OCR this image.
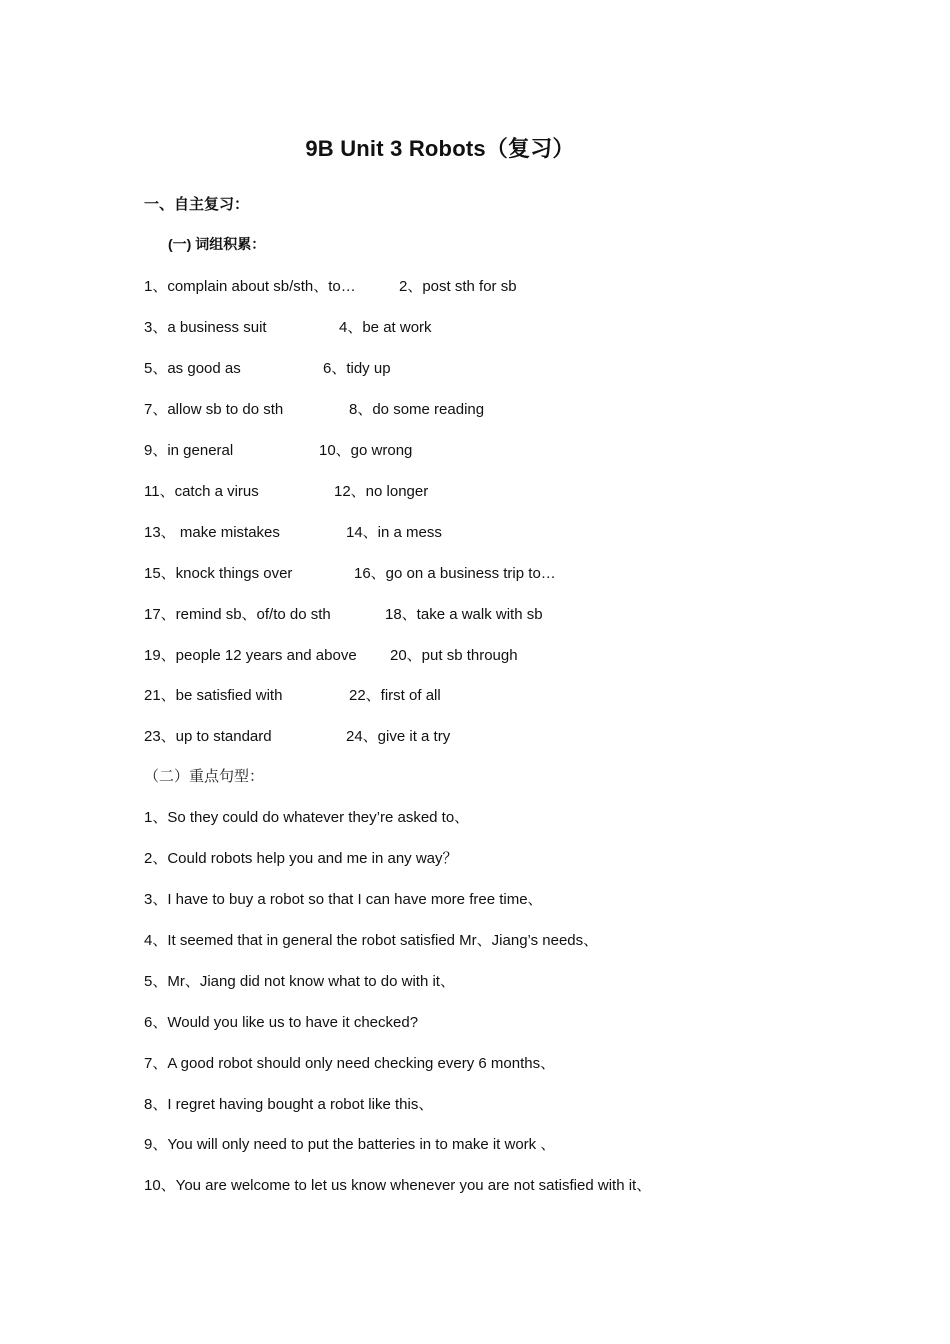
9B Unit 3 Robots（复习）
一、自主复习：
(一) 词组积累：
1、complain about sb/sth、to…	2、post sth for sb
3、a business suit	4、be at work
5、as good as	6、tidy up
7、allow sb to do sth	8、do some reading
9、in general	10、go wrong
11、catch a virus	12、no longer
13、 make mistakes	14、in a mess
15、knock things over	16、go on a business trip to…
17、remind sb、of/to do sth	18、take a walk with sb
19、people 12 years and above 20、put sb through
21、be satisfied with	22、first of all
23、up to standard	24、give it a try
（二）重点句型：
1、So they could do whatever they’re asked to、
2、Could robots help you and me in any way？
3、I have to buy a robot so that I can have more free time、
4、It seemed that in general the robot satisfied Mr、Jiang’s needs、
5、Mr、Jiang did not know what to do with it、
6、Would you like us to have it checked?
7、A good robot should only need checking every 6 months、
8、I regret having bought a robot like this、
9、You will only need to put the batteries in to make it work 、
10、You are welcome to let us know whenever you are not satisfied with it、
